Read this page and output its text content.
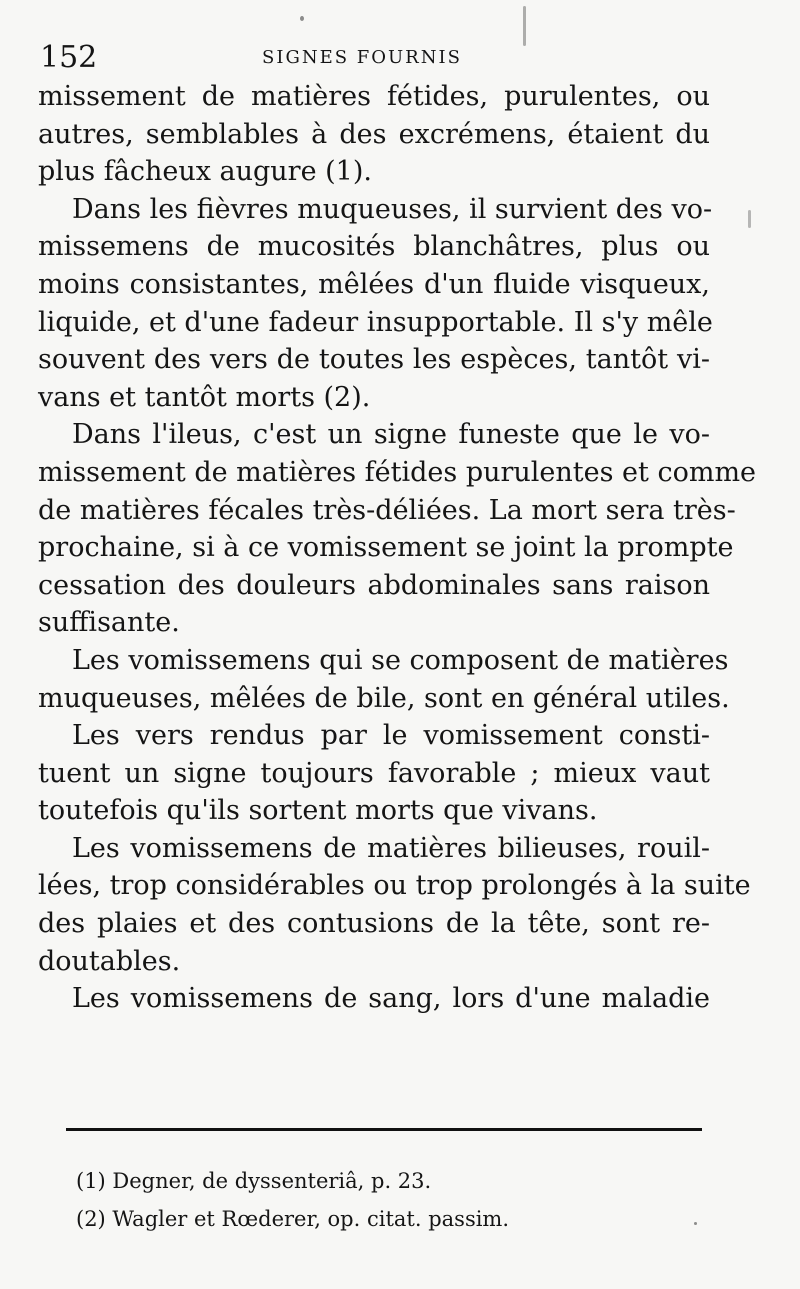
152	SIGNES FOURNIS
missement de matières fétides, purulentes, ou
autres, semblables à des excrémens, étaient du
plus fâcheux augure (1).
Dans les fièvres muqueuses, il survient des vo-
missemens de mucosités blanchâtres, plus ou
moins consistantes, mêlées d'un fluide visqueux,
liquide, et d'une fadeur insupportable. Il s'y mêle
souvent des vers de toutes les espèces, tantôt vi-
vans et tantôt morts (2).
Dans l'ileus, c'est un signe funeste que le vo-
missement de matières fétides purulentes et comme
de matières fécales très-déliées. La mort sera très-
prochaine, si à ce vomissement se joint la prompte
cessation des douleurs abdominales sans raison
suffisante.
Les vomissemens qui se composent de matières
muqueuses, mêlées de bile, sont en général utiles.
Les vers rendus par le vomissement consti-
tuent un signe toujours favorable ; mieux vaut
toutefois qu'ils sortent morts que vivans.
Les vomissemens de matières bilieuses, rouil-
lées, trop considérables ou trop prolongés à la suite
des plaies et des contusions de la tête, sont re-
doutables.
Les vomissemens de sang, lors d'une maladie
(1) Degner, de dyssenteriâ, p. 23.
(2) Wagler et Rœderer, op. citat. passim.
